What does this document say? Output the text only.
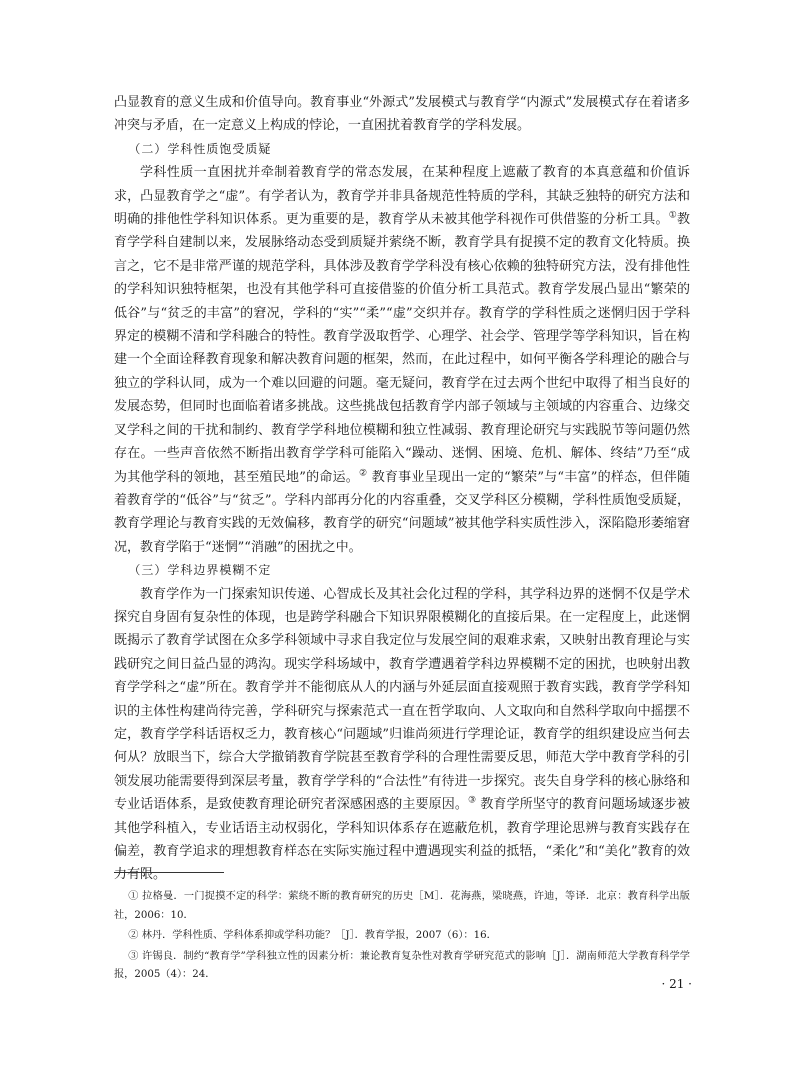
凸显教育的意义生成和价值导向。教育事业“外源式”发展模式与教育学“内源式”发展模式存在着诸多冲突与矛盾，在一定意义上构成的悖论，一直困扰着教育学的学科发展。

（二）学科性质饱受质疑

学科性质一直困扰并牵制着教育学的常态发展，在某种程度上遮蔽了教育的本真意蕴和价值诉求，凸显教育学之“虚”。有学者认为，教育学并非具备规范性特质的学科，其缺乏独特的研究方法和明确的排他性学科知识体系。更为重要的是，教育学从未被其他学科视作可供借鉴的分析工具。①教育学学科自建制以来，发展脉络动态受到质疑并萦绕不断，教育学具有捉摸不定的教育文化特质。换言之，它不是非常严谨的规范学科，具体涉及教育学学科没有核心依赖的独特研究方法，没有排他性的学科知识独特框架，也没有其他学科可直接借鉴的价值分析工具范式。教育学发展凸显出“繁荣的低谷”与“贫乏的丰富”的窘况，学科的“实”“柔”“虚”交织并存。教育学的学科性质之迷惘归因于学科界定的模糊不清和学科融合的特性。教育学汲取哲学、心理学、社会学、管理学等学科知识，旨在构建一个全面诠释教育现象和解决教育问题的框架，然而，在此过程中，如何平衡各学科理论的融合与独立的学科认同，成为一个难以回避的问题。毫无疑问，教育学在过去两个世纪中取得了相当良好的发展态势，但同时也面临着诸多挑战。这些挑战包括教育学内部子领域与主领域的内容重合、边缘交叉学科之间的干扰和制约、教育学学科地位模糊和独立性减弱、教育理论研究与实践脱节等问题仍然存在。一些声音依然不断指出教育学学科可能陷入“躁动、迷惘、困境、危机、解体、终结”乃至“成为其他学科的领地，甚至殖民地”的命运。② 教育事业呈现出一定的“繁荣”与“丰富”的样态，但伴随着教育学的“低谷”与“贫乏”。学科内部再分化的内容重叠，交叉学科区分模糊，学科性质饱受质疑，教育学理论与教育实践的无效偏移，教育学的研究“问题域”被其他学科实质性涉入，深陷隐形萎缩窘况，教育学陷于“迷惘”“消融”的困扰之中。

（三）学科边界模糊不定

教育学作为一门探索知识传递、心智成长及其社会化过程的学科，其学科边界的迷惘不仅是学术探究自身固有复杂性的体现，也是跨学科融合下知识界限模糊化的直接后果。在一定程度上，此迷惘既揭示了教育学试图在众多学科领域中寻求自我定位与发展空间的艰难求索，又映射出教育理论与实践研究之间日益凸显的鸿沟。现实学科场域中，教育学遭遇着学科边界模糊不定的困扰，也映射出教育学学科之“虚”所在。教育学并不能彻底从人的内涵与外延层面直接观照于教育实践，教育学学科知识的主体性构建尚待完善，学科研究与探索范式一直在哲学取向、人文取向和自然科学取向中摇摆不定，教育学学科话语权乏力，教育核心“问题域”归谁尚须进行学理论证，教育学的组织建设应当何去何从？放眼当下，综合大学撤销教育学院甚至教育学科的合理性需要反思，师范大学中教育学科的引领发展功能需要得到深层考量，教育学学科的“合法性”有待进一步探究。丧失自身学科的核心脉络和专业话语体系，是致使教育理论研究者深感困惑的主要原因。③ 教育学所坚守的教育问题场域逐步被其他学科植入，专业话语主动权弱化，学科知识体系存在遮蔽危机，教育学理论思辨与教育实践存在偏差，教育学追求的理想教育样态在实际实施过程中遭遇现实利益的抵牾，“柔化”和“美化”教育的效力有限。

① 拉格曼．一门捉摸不定的科学：萦绕不断的教育研究的历史［M］．花海燕，梁晓燕，许迪，等译．北京：教育科学出版社，2006：10．

② 林丹．学科性质、学科体系抑或学科功能？［J］．教育学报，2007（6）：16．

③ 许锡良．制约“教育学”学科独立性的因素分析：兼论教育复杂性对教育学研究范式的影响［J］．湖南师范大学教育科学学报，2005（4）：24．

· 21 ·
